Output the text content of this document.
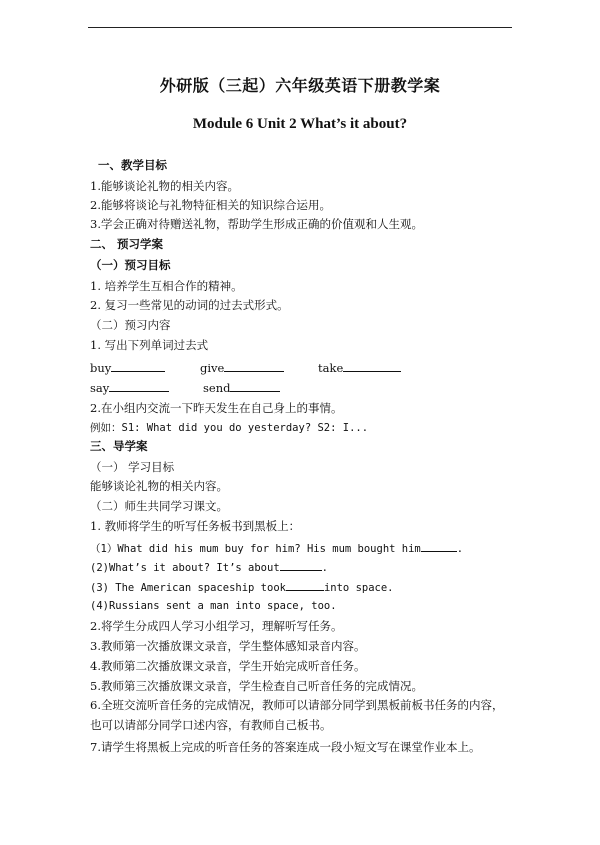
外研版（三起）六年级英语下册教学案
Module 6 Unit 2 What’s it about?
一、教学目标
1.能够谈论礼物的相关内容。
2.能够将谈论与礼物特征相关的知识综合运用。
3.学会正确对待赠送礼物，帮助学生形成正确的价值观和人生观。
二、 预习学案
（一）预习目标
1. 培养学生互相合作的精神。
2. 复习一些常见的动词的过去式形式。
（二）预习内容
1. 写出下列单词过去式
buy	give	take
say	send
2.在小组内交流一下昨天发生在自己身上的事情。
例如：S1: What did you do yesterday? S2: I...
三、导学案
（一） 学习目标
能够谈论礼物的相关内容。
（二）师生共同学习课文。
1. 教师将学生的听写任务板书到黑板上：
（1）What did his mum buy for him? His mum bought him	.
(2)What’s it about? It’s about	.
(3) The American spaceship took	into space.
(4)Russians sent a man into space, too.
2.将学生分成四人学习小组学习，理解听写任务。
3.教师第一次播放课文录音，学生整体感知录音内容。
4.教师第二次播放课文录音，学生开始完成听音任务。
5.教师第三次播放课文录音，学生检查自己听音任务的完成情况。
6.全班交流听音任务的完成情况，教师可以请部分同学到黑板前板书任务的内容，也可以请部分同学口述内容，有教师自己板书。
7.请学生将黑板上完成的听音任务的答案连成一段小短文写在课堂作业本上。
